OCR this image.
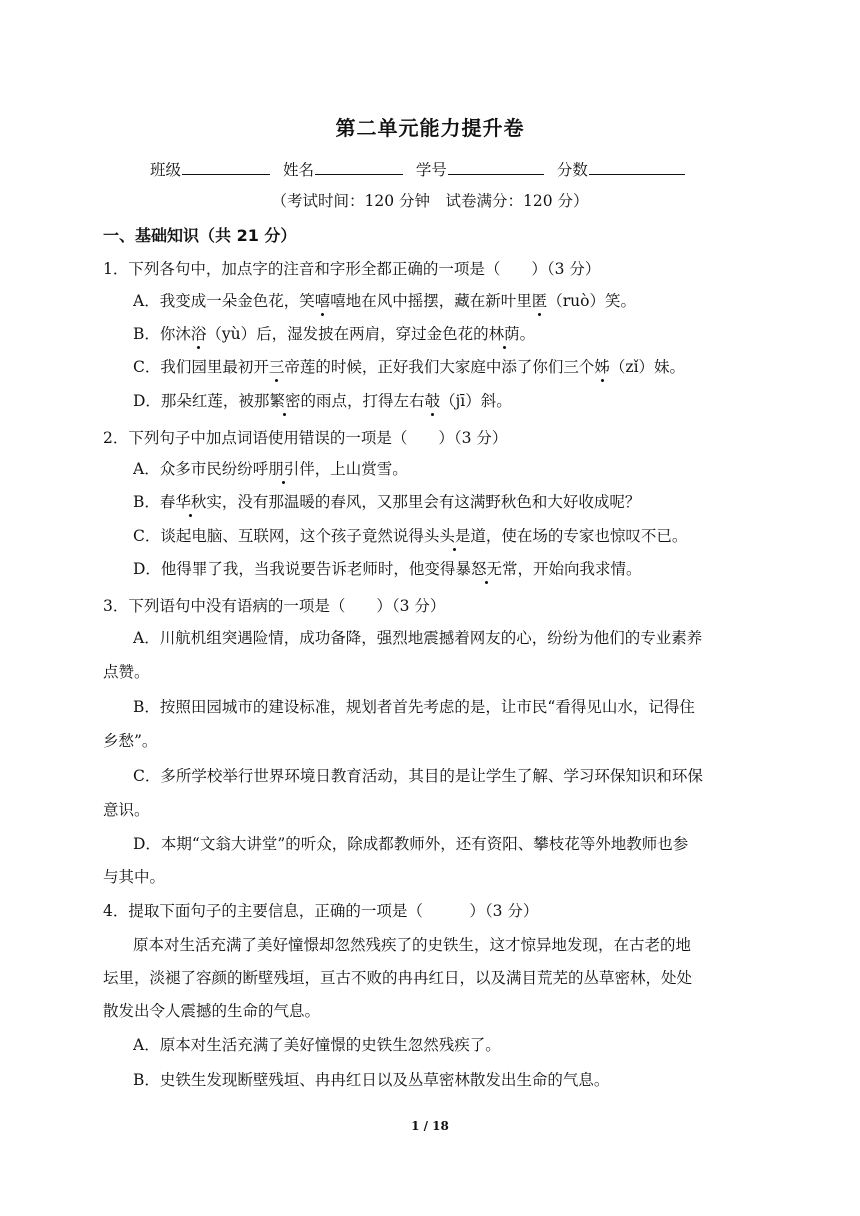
第二单元能力提升卷
班级	姓名	学号	分数
（考试时间：120 分钟　试卷满分：120 分）
一、基础知识（共 21 分）
1．下列各句中，加点字的注音和字形全都正确的一项是（　　）（3 分）
A．我变成一朵金色花，笑嘻嘻地在风中摇摆，藏在新叶里匿（ruò）笑。
B．你沐浴（yù）后，湿发披在两肩，穿过金色花的林荫。
C．我们园里最初开三帝莲的时候，正好我们大家庭中添了你们三个姊（zǐ）妹。
D．那朵红莲，被那繁密的雨点，打得左右攲（jī）斜。
2．下列句子中加点词语使用错误的一项是（　　）（3 分）
A．众多市民纷纷呼朋引伴，上山赏雪。
B．春华秋实，没有那温暖的春风，又那里会有这满野秋色和大好收成呢？
C．谈起电脑、互联网，这个孩子竟然说得头头是道，使在场的专家也惊叹不已。
D．他得罪了我，当我说要告诉老师时，他变得暴怒无常，开始向我求情。
3．下列语句中没有语病的一项是（　　）（3 分）
A．川航机组突遇险情，成功备降，强烈地震撼着网友的心，纷纷为他们的专业素养
点赞。
B．按照田园城市的建设标准，规划者首先考虑的是，让市民“看得见山水，记得住
乡愁”。
C．多所学校举行世界环境日教育活动，其目的是让学生了解、学习环保知识和环保
意识。
D．本期“文翁大讲堂”的听众，除成都教师外，还有资阳、攀枝花等外地教师也参
与其中。
4．提取下面句子的主要信息，正确的一项是（　　　）（3 分）
原本对生活充满了美好憧憬却忽然残疾了的史铁生，这才惊异地发现，在古老的地
坛里，淡褪了容颜的断壁残垣，亘古不败的冉冉红日，以及满目荒芜的丛草密林，处处
散发出令人震撼的生命的气息。
A．原本对生活充满了美好憧憬的史铁生忽然残疾了。
B．史铁生发现断壁残垣、冉冉红日以及丛草密林散发出生命的气息。
1 / 18
